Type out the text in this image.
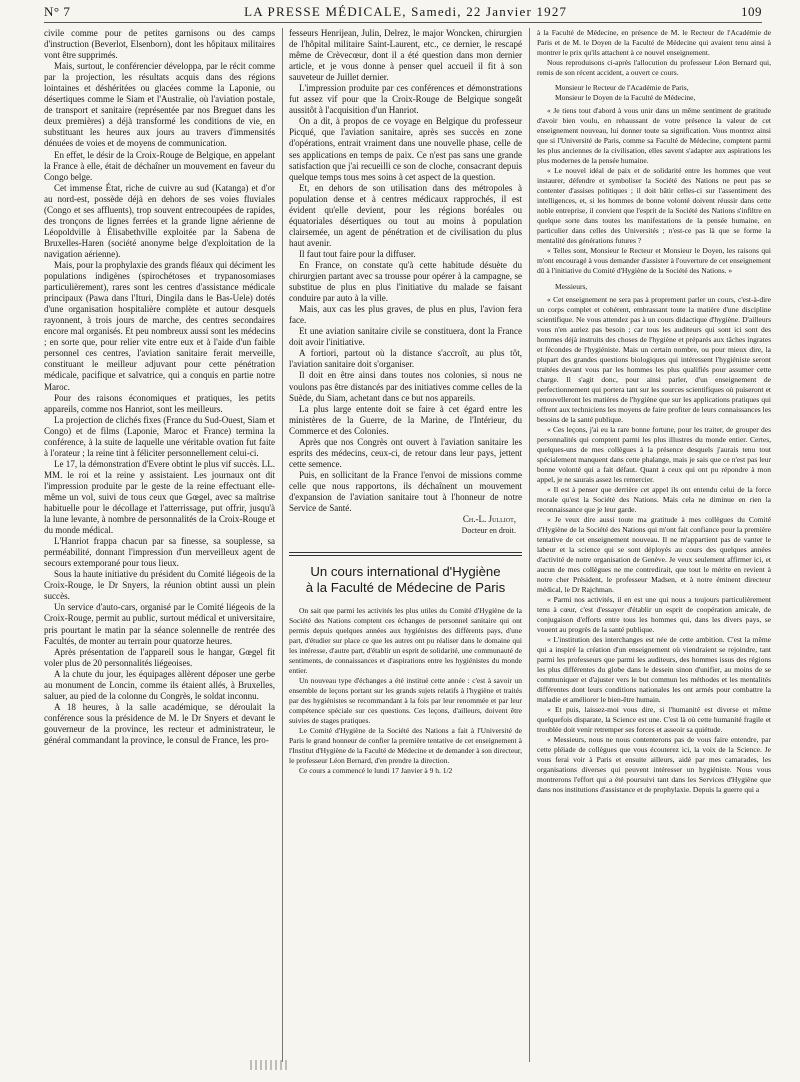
N° 7	LA PRESSE MÉDICALE, Samedi, 22 Janvier 1927	109

civile comme pour de petites garnisons ou des camps d'instruction (Beverlot, Elsenborn), dont les hôpitaux militaires vont être supprimés.

Mais, surtout, le conférencier développa, par le récit comme par la projection, les résultats acquis dans des régions lointaines et déshéritées ou glacées comme la Laponie, ou désertiques comme le Siam et l'Australie, où l'aviation postale, de transport et sanitaire (représentée par nos Breguet dans les deux premières) a déjà transformé les conditions de vie, en substituant les heures aux jours au travers d'immensités dénuées de voies et de moyens de communication.

En effet, le désir de la Croix-Rouge de Belgique, en appelant la France à elle, était de déchaîner un mouvement en faveur du Congo belge.

Cet immense État, riche de cuivre au sud (Katanga) et d'or au nord-est, possède déjà en dehors de ses voies fluviales (Congo et ses affluents), trop souvent entrecoupées de rapides, des tronçons de lignes ferrées et la grande ligne aérienne de Léopoldville à Élisabethville exploitée par la Sabena de Bruxelles-Haren (société anonyme belge d'exploitation de la navigation aérienne).

Mais, pour la prophylaxie des grands fléaux qui déciment les populations indigènes (spirochétoses et trypanosomiases particulièrement), rares sont les centres d'assistance médicale principaux (Pawa dans l'Ituri, Dingila dans le Bas-Uele) dotés d'une organisation hospitalière complète et autour desquels rayonnent, à trois jours de marche, des centres secondaires encore mal organisés. Et peu nombreux aussi sont les médecins ; en sorte que, pour relier vite entre eux et à l'aide d'un faible personnel ces centres, l'aviation sanitaire ferait merveille, constituant le meilleur adjuvant pour cette pénétration médicale, pacifique et salvatrice, qui a conquis en partie notre Maroc.

Pour des raisons économiques et pratiques, les petits appareils, comme nos Hanriot, sont les meilleurs.

La projection de clichés fixes (France du Sud-Ouest, Siam et Congo) et de films (Laponie, Maroc et France) termina la conférence, à la suite de laquelle une véritable ovation fut faite à l'orateur ; la reine tint à féliciter personnellement celui-ci.

Le 17, la démonstration d'Evere obtint le plus vif succès. LL. MM. le roi et la reine y assistaient. Les journaux ont dit l'impression produite par le geste de la reine effectuant elle-même un vol, suivi de tous ceux que Gœgel, avec sa maîtrise habituelle pour le décollage et l'atterrissage, put offrir, jusqu'à la lune levante, à nombre de personnalités de la Croix-Rouge et du monde médical.

L'Hanriot frappa chacun par sa finesse, sa souplesse, sa perméabilité, donnant l'impression d'un merveilleux agent de secours extemporané pour tous lieux.

Sous la haute initiative du président du Comité liégeois de la Croix-Rouge, le Dr Snyers, la réunion obtint aussi un plein succès.

Un service d'auto-cars, organisé par le Comité liégeois de la Croix-Rouge, permit au public, surtout médical et universitaire, pris pourtant le matin par la séance solennelle de rentrée des Facultés, de monter au terrain pour quatorze heures.

Après présentation de l'appareil sous le hangar, Gœgel fit voler plus de 20 personnalités liégeoises.

A la chute du jour, les équipages allèrent déposer une gerbe au monument de Loncin, comme ils étaient allés, à Bruxelles, saluer, au pied de la colonne du Congrès, le soldat inconnu.

A 18 heures, à la salle académique, se déroulait la conférence sous la présidence de M. le Dr Snyers et devant le gouverneur de la province, les recteur et administrateur, le général commandant la province, le consul de France, les pro-

fesseurs Henrijean, Julin, Delrez, le major Woncken, chirurgien de l'hôpital militaire Saint-Laurent, etc., ce dernier, le rescapé même de Crèvecœur, dont il a été question dans mon dernier article, et je vous donne à penser quel accueil il fit à son sauveteur de Juillet dernier.

L'impression produite par ces conférences et démonstrations fut assez vif pour que la Croix-Rouge de Belgique songeât aussitôt à l'acquisition d'un Hanriot.

On a dit, à propos de ce voyage en Belgique du professeur Picqué, que l'aviation sanitaire, après ses succès en zone d'opérations, entrait vraiment dans une nouvelle phase, celle de ses applications en temps de paix. Ce n'est pas sans une grande satisfaction que j'ai recueilli ce son de cloche, consacrant depuis quelque temps tous mes soins à cet aspect de la question.

Et, en dehors de son utilisation dans des métropoles à population dense et à centres médicaux rapprochés, il est évident qu'elle devient, pour les régions boréales ou équatoriales désertiques ou tout au moins à population clairsemée, un agent de pénétration et de civilisation du plus haut avenir.

Il faut tout faire pour la diffuser.

En France, on constate qu'à cette habitude désuète du chirurgien partant avec sa trousse pour opérer à la campagne, se substitue de plus en plus l'initiative du malade se faisant conduire par auto à la ville.

Mais, aux cas les plus graves, de plus en plus, l'avion fera face.

Et une aviation sanitaire civile se constituera, dont la France doit avoir l'initiative.

A fortiori, partout où la distance s'accroît, au plus tôt, l'aviation sanitaire doit s'organiser.

Il doit en être ainsi dans toutes nos colonies, si nous ne voulons pas être distancés par des initiatives comme celles de la Suède, du Siam, achetant dans ce but nos appareils.

La plus large entente doit se faire à cet égard entre les ministères de la Guerre, de la Marine, de l'Intérieur, du Commerce et des Colonies.

Après que nos Congrès ont ouvert à l'aviation sanitaire les esprits des médecins, ceux-ci, de retour dans leur pays, jettent cette semence.

Puis, en sollicitant de la France l'envoi de missions comme celle que nous rapportons, ils déchaînent un mouvement d'expansion de l'aviation sanitaire tout à l'honneur de notre Service de Santé.

Ch.-L. Julliot,

Docteur en droit.

Un cours international d'Hygiène
à la Faculté de Médecine de Paris

On sait que parmi les activités les plus utiles du Comité d'Hygiène de la Société des Nations comptent ces échanges de personnel sanitaire qui ont permis depuis quelques années aux hygiénistes des différents pays, d'une part, d'étudier sur place ce que les autres ont pu réaliser dans le domaine qui les intéresse, d'autre part, d'établir un esprit de solidarité, une communauté de sentiments, de connaissances et d'aspirations entre les hygiénistes du monde entier.

Un nouveau type d'échanges a été institué cette année : c'est à savoir un ensemble de leçons portant sur les grands sujets relatifs à l'hygiène et traités par des hygiénistes se recommandant à la fois par leur renommée et par leur compétence spéciale sur ces questions. Ces leçons, d'ailleurs, doivent être suivies de stages pratiques.

Le Comité d'Hygiène de la Société des Nations a fait à l'Université de Paris le grand honneur de confier la première tentative de cet enseignement à l'Institut d'Hygiène de la Faculté de Médecine et de demander à son directeur, le professeur Léon Bernard, d'en prendre la direction.

Ce cours a commencé le lundi 17 Janvier à 9 h. 1/2

à la Faculté de Médecine, en présence de M. le Recteur de l'Académie de Paris et de M. le Doyen de la Faculté de Médecine qui avaient tenu ainsi à montrer le prix qu'ils attachent à ce nouvel enseignement.

Nous reproduisons ci-après l'allocution du professeur Léon Bernard qui, remis de son récent accident, a ouvert ce cours.

Monsieur le Recteur de l'Académie de Paris,

Monsieur le Doyen de la Faculté de Médecine,

« Je tiens tout d'abord à vous unir dans un même sentiment de gratitude d'avoir bien voulu, en rehaussant de votre présence la valeur de cet enseignement nouveau, lui donner toute sa signification. Vous montrez ainsi que si l'Université de Paris, comme sa Faculté de Médecine, comptent parmi les plus anciennes de la civilisation, elles savent s'adapter aux aspirations les plus modernes de la pensée humaine.

« Le nouvel idéal de paix et de solidarité entre les hommes que veut instaurer, défendre et symboliser la Société des Nations ne peut pas se contenter d'assises politiques ; il doit bâtir celles-ci sur l'assentiment des intelligences, et, si les hommes de bonne volonté doivent réussir dans cette noble entreprise, il convient que l'esprit de la Société des Nations s'infiltre en quelque sorte dans toutes les manifestations de la pensée humaine, en particulier dans celles des Universités ; n'est-ce pas là que se forme la mentalité des générations futures ?

« Telles sont, Monsieur le Recteur et Monsieur le Doyen, les raisons qui m'ont encouragé à vous demander d'assister à l'ouverture de cet enseignement dû à l'initiative du Comité d'Hygiène de la Société des Nations. »

Messieurs,

« Cet enseignement ne sera pas à proprement parler un cours, c'est-à-dire un corps complet et cohérent, embrassant toute la matière d'une discipline scientifique. Ne vous attendez pas à un cours didactique d'hygiène. D'ailleurs vous n'en auriez pas besoin ; car tous les auditeurs qui sont ici sont des hommes déjà instruits des choses de l'hygiène et préparés aux tâches ingrates et fécondes de l'hygiéniste. Mais un certain nombre, ou pour mieux dire, la plupart des grandes questions biologiques qui intéressent l'hygiéniste seront traitées devant vous par les hommes les plus qualifiés pour assumer cette charge. Il s'agit donc, pour ainsi parler, d'un enseignement de perfectionnement qui portera tant sur les sources scientifiques où puiseront et renouvelleront les matières de l'hygiène que sur les applications pratiques qui offrent aux techniciens les moyens de faire profiter de leurs connaissances les besoins de la santé publique.

« Ces leçons, j'ai eu la rare bonne fortune, pour les traiter, de grouper des personnalités qui comptent parmi les plus illustres du monde entier. Certes, quelques-uns de mes collègues à la présence desquels j'aurais tenu tout spécialement manquent dans cette phalange, mais je sais que ce n'est pas leur bonne volonté qui a fait défaut. Quant à ceux qui ont pu répondre à mon appel, je ne saurais assez les remercier.

« Il est à penser que derrière cet appel ils ont entendu celui de la force morale qu'est la Société des Nations. Mais cela ne diminue en rien la reconnaissance que je leur garde.

« Je veux dire aussi toute ma gratitude à mes collègues du Comité d'Hygiène de la Société des Nations qui m'ont fait confiance pour la première tentative de cet enseignement nouveau. Il ne m'appartient pas de vanter le labeur et la science qui se sont déployés au cours des quelques années d'activité de notre organisation de Genève. Je veux seulement affirmer ici, et aucun de mes collègues ne me contredirait, que tout le mérite en revient à notre cher Président, le professeur Madsen, et à notre éminent directeur médical, le Dr Rajchman.

« Parmi nos activités, il en est une qui nous a toujours particulièrement tenu à cœur, c'est d'essayer d'établir un esprit de coopération amicale, de conjugaison d'efforts entre tous les hommes qui, dans les divers pays, se vouent au progrès de la santé publique.

« L'institution des interchanges est née de cette ambition. C'est la même qui a inspiré la création d'un enseignement où viendraient se rejoindre, tant parmi les professeurs que parmi les auditeurs, des hommes issus des régions les plus différentes du globe dans le dessein sinon d'unifier, au moins de se communiquer et d'ajuster vers le but commun les méthodes et les mentalités différentes dont leurs conditions nationales les ont armés pour combattre la maladie et améliorer le bien-être humain.

« Et puis, laissez-moi vous dire, si l'humanité est diverse et même quelquefois disparate, la Science est une. C'est là où cette humanité fragile et troublée doit venir retremper ses forces et asseoir sa quiétude.

« Messieurs, nous ne nous contenterons pas de vous faire entendre, par cette pléiade de collègues que vous écouterez ici, la voix de la Science. Je vous ferai voir à Paris et ensuite ailleurs, aidé par mes camarades, les organisations diverses qui peuvent intéresser un hygiéniste. Nous vous montrerons l'effort qui a été poursuivi tant dans les Services d'Hygiène que dans nos institutions d'assistance et de prophylaxie. Depuis la guerre qui a
